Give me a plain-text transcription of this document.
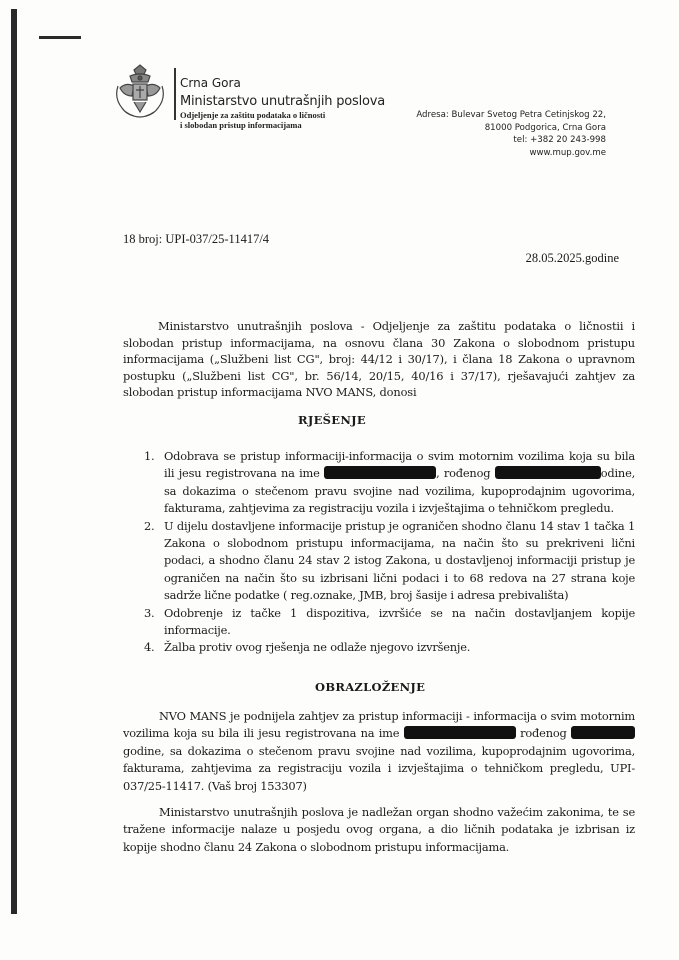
Crna Gora
Ministarstvo unutrašnjih poslova
Odjeljenje za zaštitu podataka o ličnosti
i slobodan pristup informacijama
Adresa: Bulevar Svetog Petra Cetinjskog 22,
81000 Podgorica, Crna Gora
tel: +382 20 243-998
www.mup.gov.me
18 broj: UPI-037/25-11417/4
28.05.2025.godine
Ministarstvo unutrašnjih poslova - Odjeljenje za zaštitu podataka o ličnostii i slobodan pristup informacijama, na osnovu člana 30 Zakona o slobodnom pristupu informacijama („Službeni list CG", broj: 44/12 i 30/17), i člana 18 Zakona o upravnom postupku („Službeni list CG", br. 56/14, 20/15, 40/16 i 37/17), rješavajući zahtjev za slobodan pristup informacijama NVO MANS, donosi
RJEŠENJE
1. Odobrava se pristup informaciji-informacija o svim motornim vozilima koja su bila ili jesu registrovana na ime	, rođenog	odine, sa dokazima o stečenom pravu svojine nad vozilima, kupoprodajnim ugovorima, fakturama, zahtjevima za registraciju vozila i izvještajima o tehničkom pregledu.
2. U dijelu dostavljene informacije pristup je ograničen shodno članu 14 stav 1 tačka 1 Zakona o slobodnom pristupu informacijama, na način što su prekriveni lični podaci, a shodno članu 24 stav 2 istog Zakona, u dostavljenoj informaciji pristup je ograničen na način što su izbrisani lični podaci i to 68 redova na 27 strana koje sadrže lične podatke ( reg.oznake, JMB, broj šasije i adresa prebivališta)
3. Odobrenje iz tačke 1 dispozitiva, izvršiće se na način dostavljanjem kopije informacije.
4. Žalba protiv ovog rješenja ne odlaže njegovo izvršenje.
OBRAZLOŽENJE
NVO MANS je podnijela zahtjev za pristup informaciji - informacija o svim motornim vozilima koja su bila ili jesu registrovana na ime	rođenog godine, sa dokazima o stečenom pravu svojine nad vozilima, kupoprodajnim ugovorima, fakturama, zahtjevima za registraciju vozila i izvještajima o tehničkom pregledu, UPI-037/25-11417. (Vaš broj 153307)
Ministarstvo unutrašnjih poslova je nadležan organ shodno važećim zakonima, te se tražene informacije nalaze u posjedu ovog organa, a dio ličnih podataka je izbrisan iz kopije shodno članu 24 Zakona o slobodnom pristupu informacijama.
